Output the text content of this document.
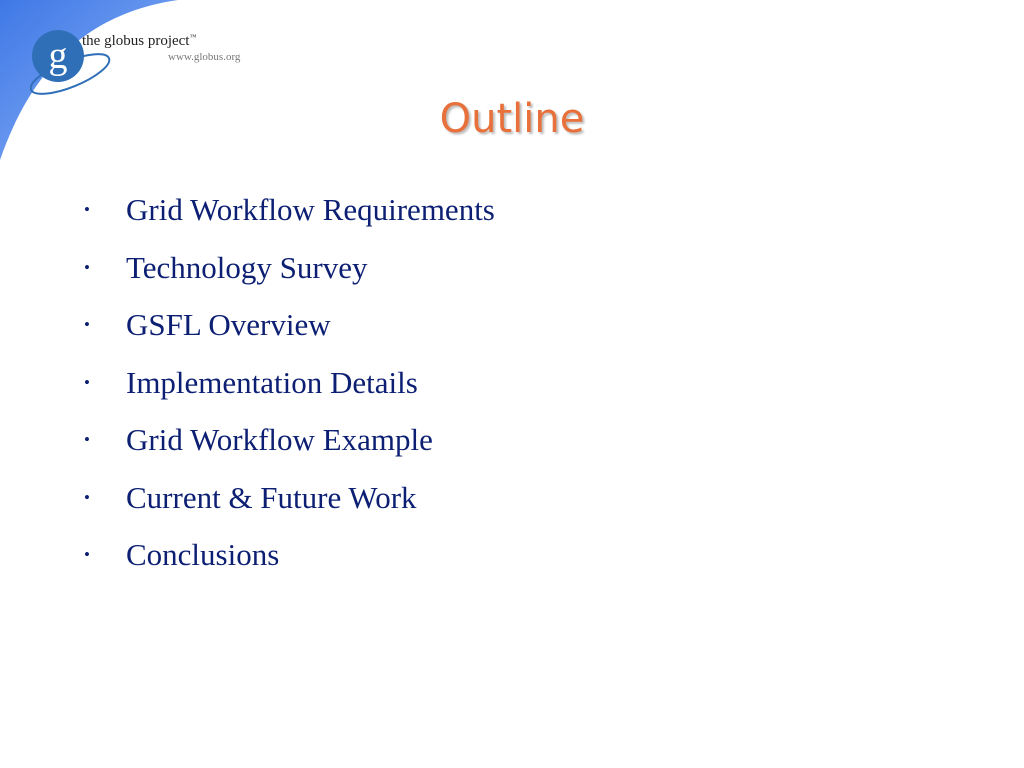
g the globus project™
www.globus.org
Outline
• Grid Workflow Requirements
• Technology Survey
• GSFL Overview
• Implementation Details
• Grid Workflow Example
• Current & Future Work
• Conclusions
